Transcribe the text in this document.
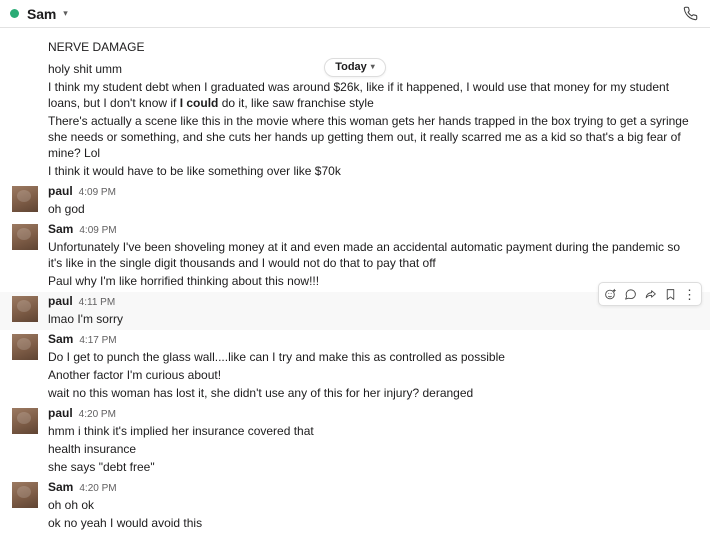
Sam ▾
Today ▾
NERVE DAMAGE
holy shit umm
I think my student debt when I graduated was around $26k, like if it happened, I would use that money for my student loans, but I don't know if I could do it, like saw franchise style
There's actually a scene like this in the movie where this woman gets her hands trapped in the box trying to get a syringe she needs or something, and she cuts her hands up getting them out, it really scarred me as a kid so that's a big fear of mine? Lol
I think it would have to be like something over like $70k
paul 4:09 PM
oh god
Sam 4:09 PM
Unfortunately I've been shoveling money at it and even made an accidental automatic payment during the pandemic so it's like in the single digit thousands and I would not do that to pay that off
Paul why I'm like horrified thinking about this now!!!
paul 4:11 PM
lmao I'm sorry
⋮
Sam 4:17 PM
Do I get to punch the glass wall....like can I try and make this as controlled as possible
Another factor I'm curious about!
wait no this woman has lost it, she didn't use any of this for her injury? deranged
paul 4:20 PM
hmm i think it's implied her insurance covered that
health insurance
she says "debt free"
Sam 4:20 PM
oh oh ok
ok no yeah I would avoid this
